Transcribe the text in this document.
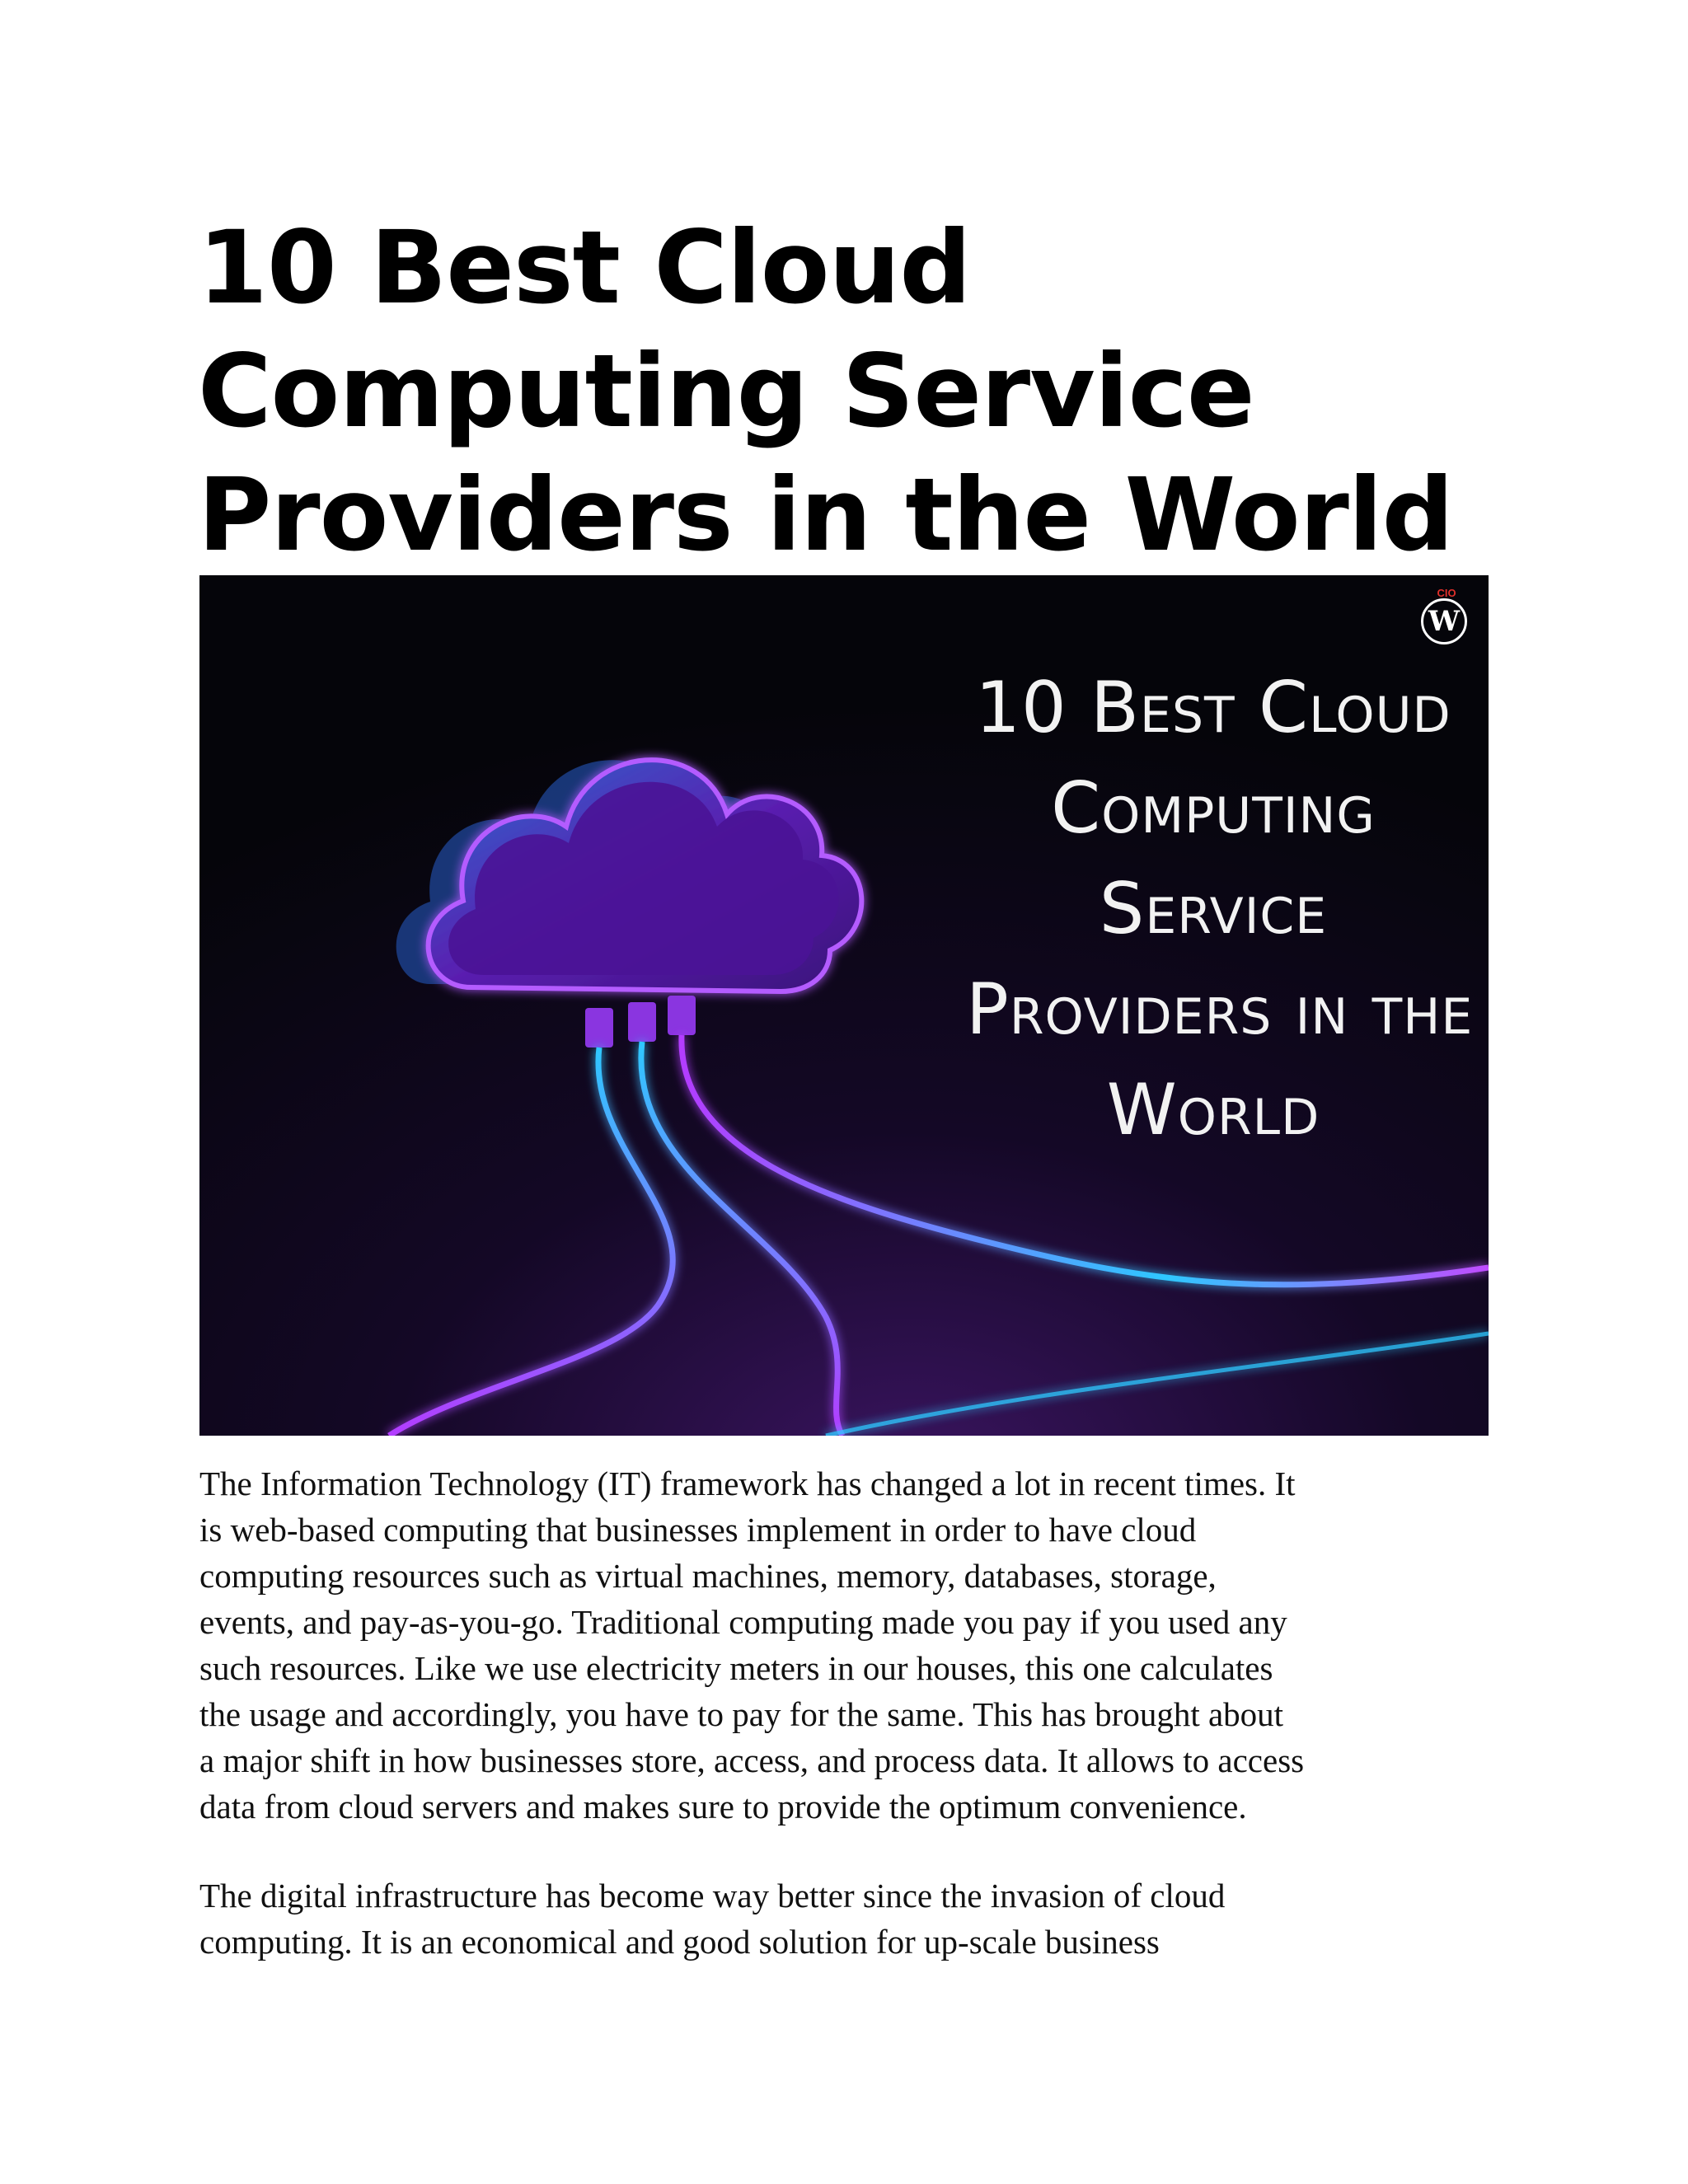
10 Best Cloud
Computing Service
Providers in the World
CIO
W
10 Best Cloud
Computing
Service
Providers in the
World

The Information Technology (IT) framework has changed a lot in recent times. It
is web-based computing that businesses implement in order to have cloud
computing resources such as virtual machines, memory, databases, storage,
events, and pay-as-you-go. Traditional computing made you pay if you used any
such resources. Like we use electricity meters in our houses, this one calculates
the usage and accordingly, you have to pay for the same. This has brought about
a major shift in how businesses store, access, and process data. It allows to access
data from cloud servers and makes sure to provide the optimum convenience.

The digital infrastructure has become way better since the invasion of cloud
computing. It is an economical and good solution for up-scale business
